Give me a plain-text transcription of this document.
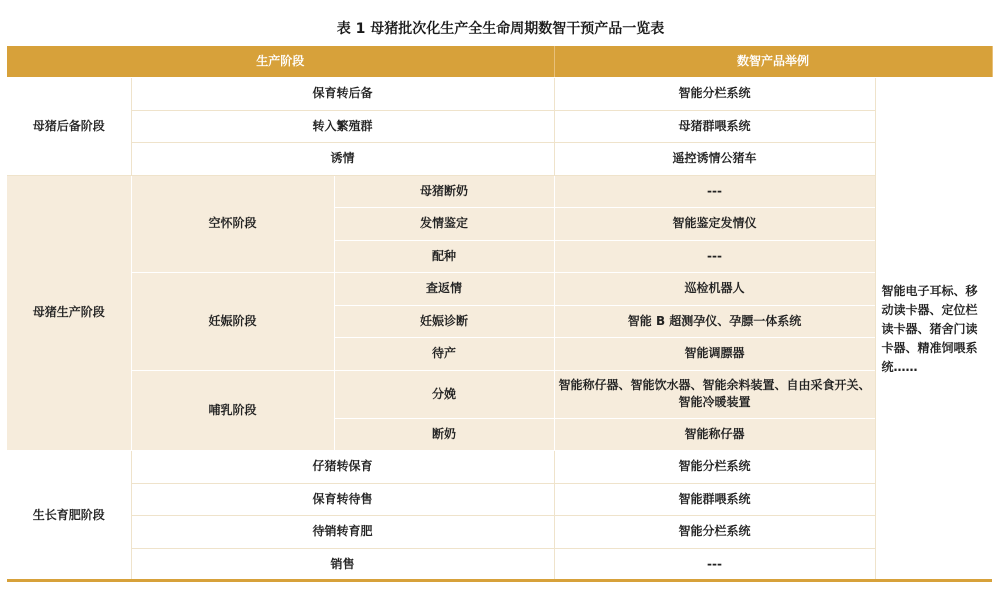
表 1 母猪批次化生产全生命周期数智干预产品一览表
生产阶段			数智产品举例	
母猪后备阶段	保育转后备		智能分栏系统	智能电子耳标、移动读卡器、定位栏读卡器、猪舍门读卡器、精准饲喂系统……
	转入繁殖群		母猪群喂系统	
	诱情		遥控诱情公猪车	
母猪生产阶段	空怀阶段	母猪断奶	---	
		发情鉴定	智能鉴定发情仪	
		配种	---	
	妊娠阶段	查返情	巡检机器人	
		妊娠诊断	智能 B 超测孕仪、孕膘一体系统	
		待产	智能调膘器	
	哺乳阶段	分娩	智能称仔器、智能饮水器、智能余料装置、自由采食开关、智能冷暖装置	
		断奶	智能称仔器	
生长育肥阶段	仔猪转保育		智能分栏系统	
	保育转待售		智能群喂系统	
	待销转育肥		智能分栏系统	
	销售		---	
